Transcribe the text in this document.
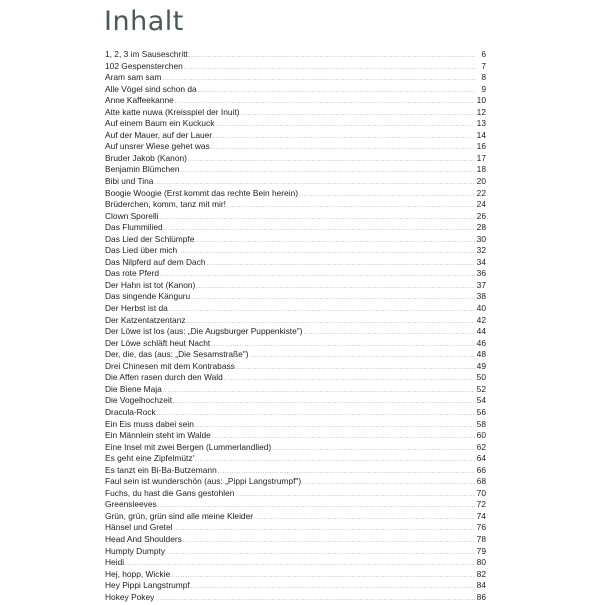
Inhalt
1, 2, 3 im Sauseschritt . . .	6
102 Gespensterchen . . .	7
Aram sam sam . . .	8
Alle Vögel sind schon da . . .	9
Anne Kaffeekanne . . .	10
Atte katte nuwa (Kreisspiel der Inuit) . . .	12
Auf einem Baum ein Kuckuck . . .	13
Auf der Mauer, auf der Lauer . . .	14
Auf unsrer Wiese gehet was . . .	16
Bruder Jakob (Kanon) . . .	17
Benjamin Blümchen . . .	18
Bibi und Tina . . .	20
Boogie Woogie (Erst kommt das rechte Bein herein) . . .	22
Brüderchen, komm, tanz mit mir! . . .	24
Clown Sporelli . . .	26
Das Flummilied . . .	28
Das Lied der Schlümpfe . . .	30
Das Lied über mich . . .	32
Das Nilpferd auf dem Dach . . .	34
Das rote Pferd . . .	36
Der Hahn ist tot (Kanon) . . .	37
Das singende Känguru . . .	38
Der Herbst ist da . . .	40
Der Katzentatzentanz . . .	42
Der Löwe ist los (aus: „Die Augsburger Puppenkiste") . . .	44
Der Löwe schläft heut Nacht . . .	46
Der, die, das (aus: „Die Sesamstraße") . . .	48
Drei Chinesen mit dem Kontrabass . . .	49
Die Affen rasen durch den Wald . . .	50
Die Biene Maja . . .	52
Die Vogelhochzeit . . .	54
Dracula-Rock . . .	56
Ein Eis muss dabei sein . . .	58
Ein Männlein steht im Walde . . .	60
Eine Insel mit zwei Bergen (Lummerlandlied) . . .	62
Es geht eine Zipfelmütz' . . .	64
Es tanzt ein Bi-Ba-Butzemann . . .	66
Faul sein ist wunderschön (aus: „Pippi Langstrumpf") . . .	68
Fuchs, du hast die Gans gestohlen . . .	70
Greensleeves . . .	72
Grün, grün, grün sind alle meine Kleider . . .	74
Hänsel und Gretel . . .	76
Head And Shoulders . . .	78
Humpty Dumpty . . .	79
Heidi . . .	80
Hej, hopp, Wickie . . .	82
Hey Pippi Langstrumpf . . .	84
Hokey Pokey . . .	86
